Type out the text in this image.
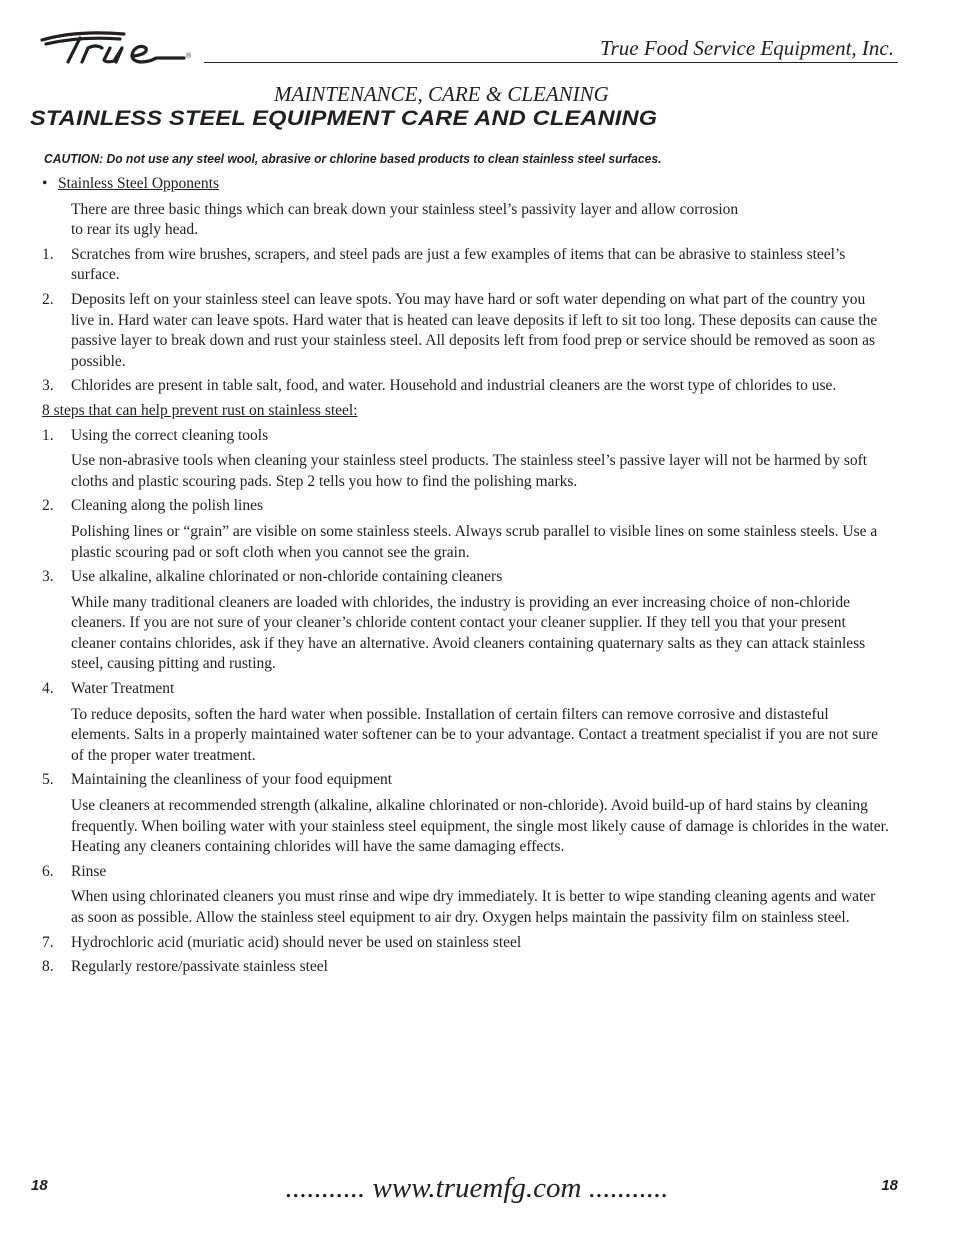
®	True Food Service Equipment, Inc.
MAINTENANCE, CARE & CLEANING
STAINLESS STEEL EQUIPMENT CARE AND CLEANING
CAUTION: Do not use any steel wool, abrasive or chlorine based products to clean stainless steel surfaces.
• Stainless Steel Opponents
There are three basic things which can break down your stainless steel’s passivity layer and allow corrosion to rear its ugly head.
1. Scratches from wire brushes, scrapers, and steel pads are just a few examples of items that can be abrasive to stainless steel’s surface.
2. Deposits left on your stainless steel can leave spots. You may have hard or soft water depending on what part of the country you live in. Hard water can leave spots. Hard water that is heated can leave deposits if left to sit too long. These deposits can cause the passive layer to break down and rust your stainless steel. All deposits left from food prep or service should be removed as soon as possible.
3. Chlorides are present in table salt, food, and water. Household and industrial cleaners are the worst type of chlorides to use.
8 steps that can help prevent rust on stainless steel:
1. Using the correct cleaning tools
Use non-abrasive tools when cleaning your stainless steel products. The stainless steel’s passive layer will not be harmed by soft cloths and plastic scouring pads. Step 2 tells you how to find the polishing marks.
2. Cleaning along the polish lines
Polishing lines or “grain” are visible on some stainless steels. Always scrub parallel to visible lines on some stainless steels. Use a plastic scouring pad or soft cloth when you cannot see the grain.
3. Use alkaline, alkaline chlorinated or non-chloride containing cleaners
While many traditional cleaners are loaded with chlorides, the industry is providing an ever increasing choice of non-chloride cleaners. If you are not sure of your cleaner’s chloride content contact your cleaner supplier. If they tell you that your present cleaner contains chlorides, ask if they have an alternative. Avoid cleaners containing quaternary salts as they can attack stainless steel, causing pitting and rusting.
4. Water Treatment
To reduce deposits, soften the hard water when possible. Installation of certain filters can remove corrosive and distasteful elements. Salts in a properly maintained water softener can be to your advantage. Contact a treatment specialist if you are not sure of the proper water treatment.
5. Maintaining the cleanliness of your food equipment
Use cleaners at recommended strength (alkaline, alkaline chlorinated or non-chloride). Avoid build-up of hard stains by cleaning frequently. When boiling water with your stainless steel equipment, the single most likely cause of damage is chlorides in the water. Heating any cleaners containing chlorides will have the same damaging effects.
6. Rinse
When using chlorinated cleaners you must rinse and wipe dry immediately. It is better to wipe standing cleaning agents and water as soon as possible. Allow the stainless steel equipment to air dry. Oxygen helps maintain the passivity film on stainless steel.
7. Hydrochloric acid (muriatic acid) should never be used on stainless steel
8. Regularly restore/passivate stainless steel
18	........... www.truemfg.com ...........	18
